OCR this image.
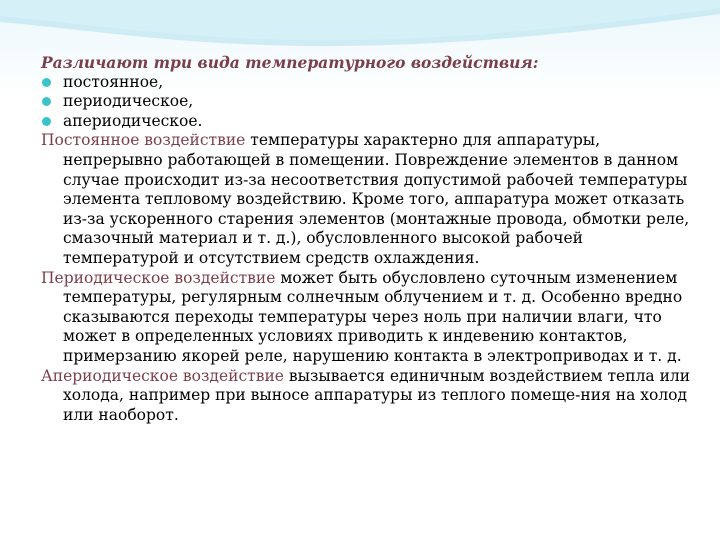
Различают три вида температурного воздействия:

постоянное,
периодическое,
апериодическое.

Постоянное воздействие температуры характерно для аппаратуры, непрерывно работающей в помещении. Повреждение элементов в данном случае происходит из-за несоответствия допустимой рабочей температуры элемента тепловому воздействию. Кроме того, аппаратура может отказать из-за ускоренного старения элементов (монтажные провода, обмотки реле, смазочный материал и т. д.), обусловленного высокой рабочей температурой и отсутствием средств охлаждения.

Периодическое воздействие может быть обусловлено суточным изменением температуры, регулярным солнечным облучением и т. д. Особенно вредно сказываются переходы температуры через ноль при наличии влаги, что может в определенных условиях приводить к индевению контактов, примерзанию якорей реле, нарушению контакта в электроприводах и т. д.

Апериодическое воздействие вызывается единичным воздействием тепла или холода, например при выносе аппаратуры из теплого помеще-ния на холод или наоборот.
